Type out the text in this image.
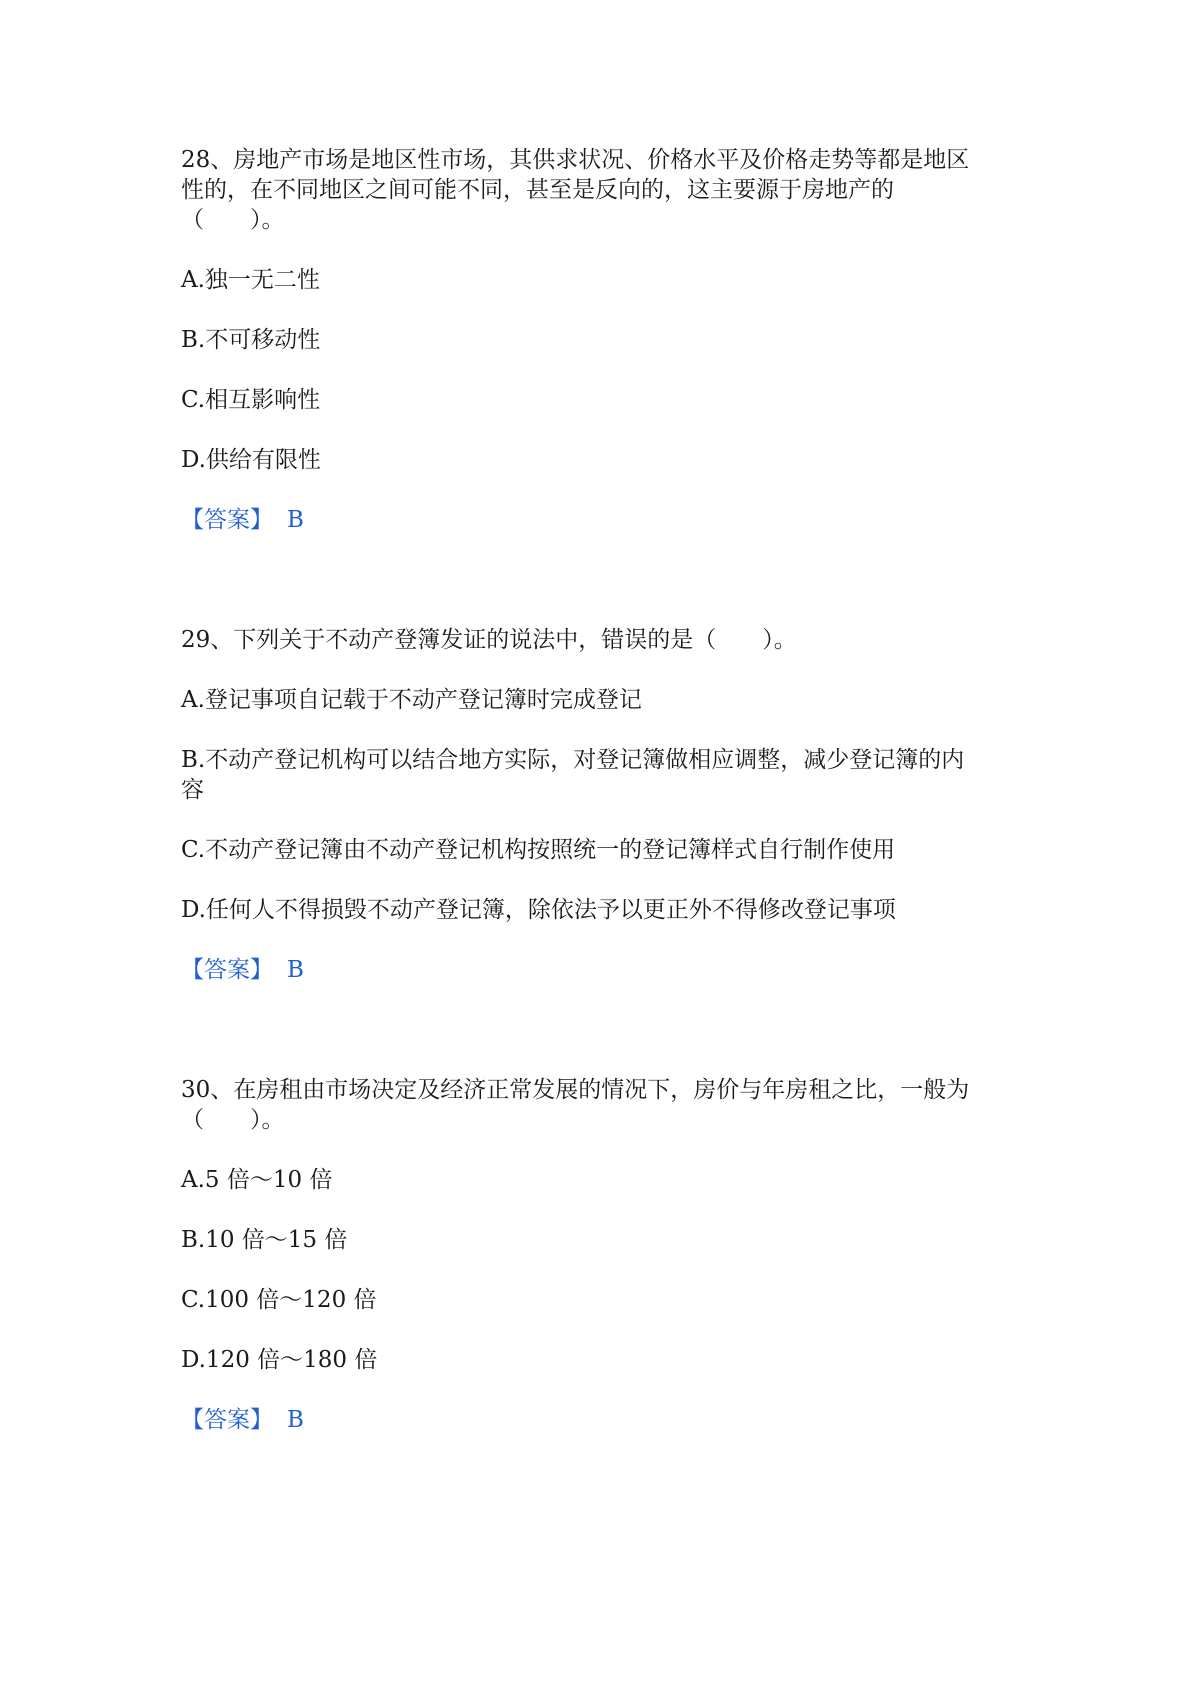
28、房地产市场是地区性市场，其供求状况、价格水平及价格走势等都是地区
性的，在不同地区之间可能不同，甚至是反向的，这主要源于房地产的
（　　）。
A.独一无二性
B.不可移动性
C.相互影响性
D.供给有限性
【答案】 B
29、下列关于不动产登簿发证的说法中，错误的是（　　）。
A.登记事项自记载于不动产登记簿时完成登记
B.不动产登记机构可以结合地方实际，对登记簿做相应调整，减少登记簿的内
容
C.不动产登记簿由不动产登记机构按照统一的登记簿样式自行制作使用
D.任何人不得损毁不动产登记簿，除依法予以更正外不得修改登记事项
【答案】 B
30、在房租由市场决定及经济正常发展的情况下，房价与年房租之比，一般为
（　　）。
A.5 倍～10 倍
B.10 倍～15 倍
C.100 倍～120 倍
D.120 倍～180 倍
【答案】 B
